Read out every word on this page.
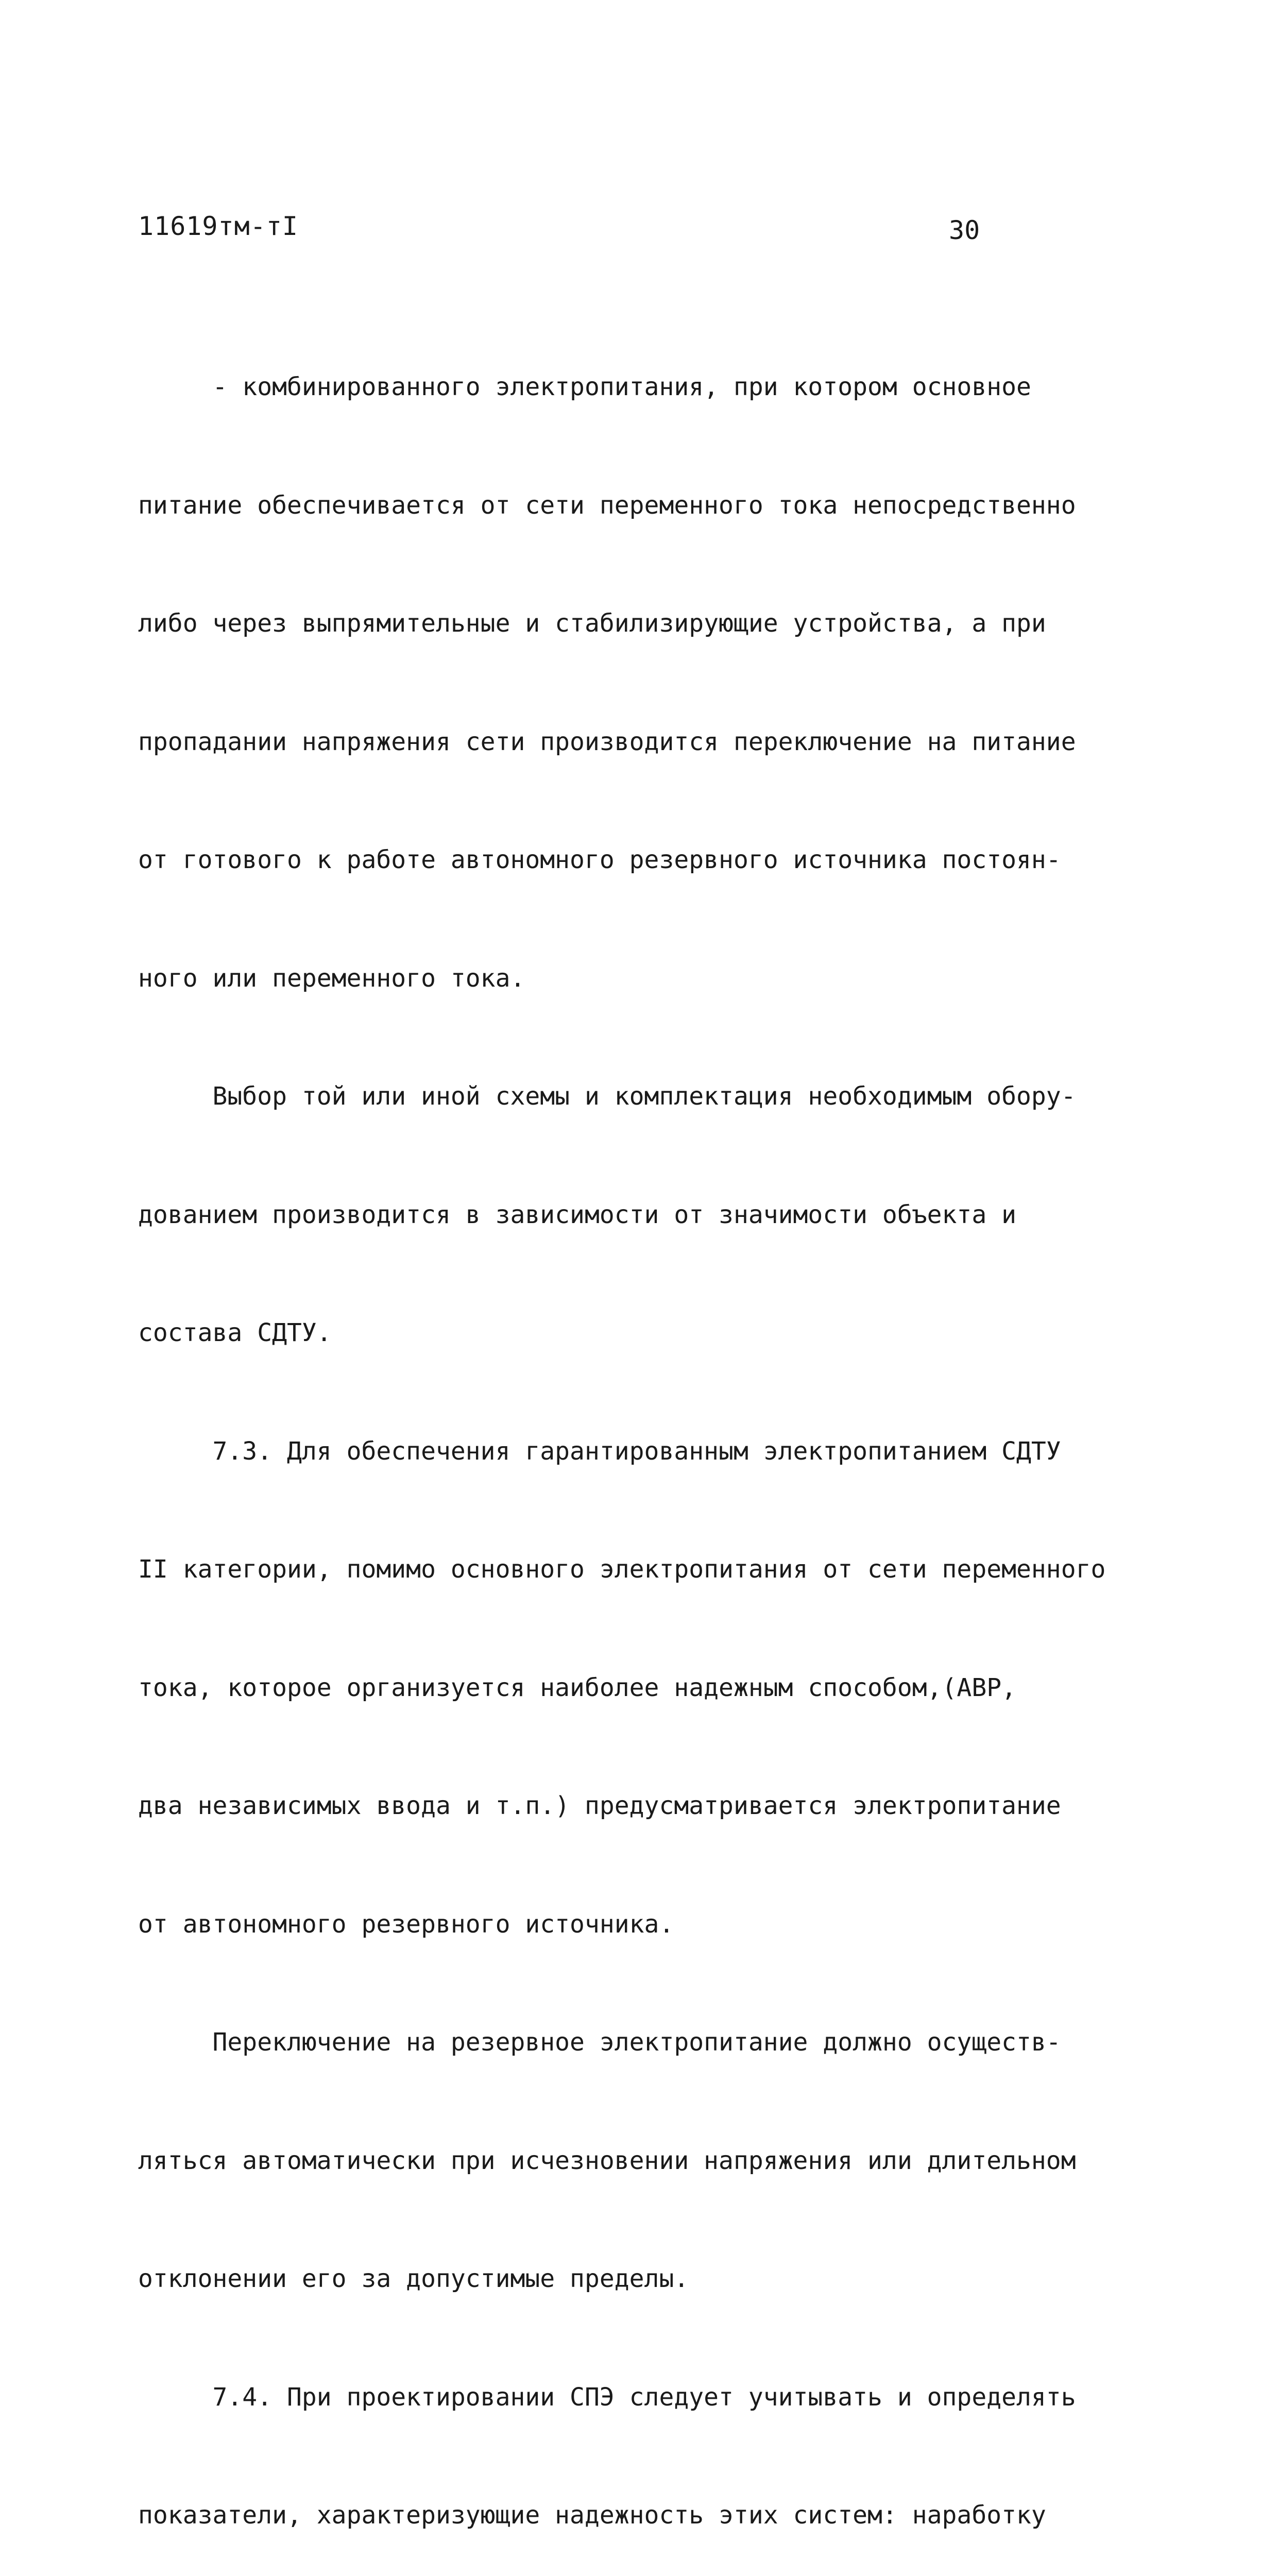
11619тм-тI	30

- комбинированного электропитания, при котором основное

питание обеспечивается от сети переменного тока непосредственно

либо через выпрямительные и стабилизирующие устройства, а при

пропадании напряжения сети производится переключение на питание

от готового к работе автономного резервного источника постоян-

ного или переменного тока.

Выбор той или иной схемы и комплектация необходимым обору-

дованием производится в зависимости от значимости объекта и

состава СДТУ.

7.3. Для обеспечения гарантированным электропитанием СДТУ

II категории, помимо основного электропитания от сети переменного

тока, которое организуется наиболее надежным способом,(АВР,

два независимых ввода и т.п.) предусматривается электропитание

от автономного резервного источника.

Переключение на резервное электропитание должно осуществ-

ляться автоматически при исчезновении напряжения или длительном

отклонении его за допустимые пределы.

7.4. При проектировании СПЭ следует учитывать и определять

показатели, характеризующие надежность этих систем: наработку
